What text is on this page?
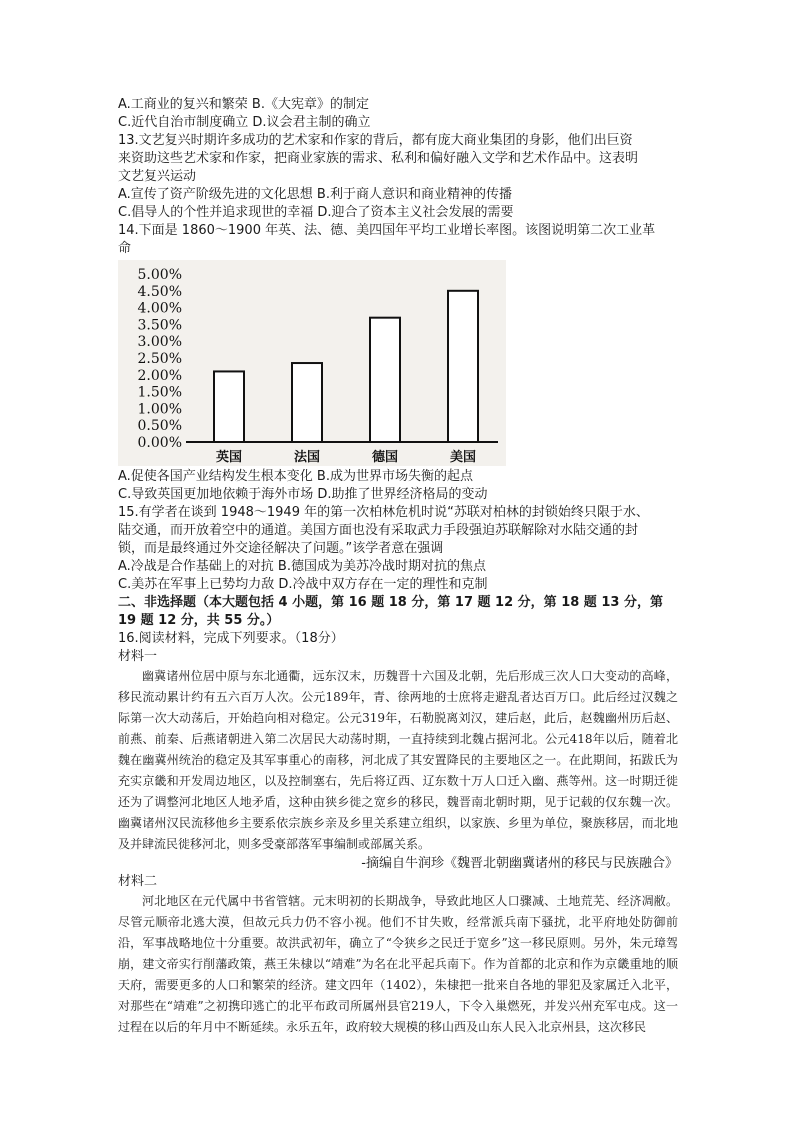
A.工商业的复兴和繁荣 B.《大宪章》的制定
C.近代自治市制度确立 D.议会君主制的确立
13.文艺复兴时期许多成功的艺术家和作家的背后，都有庞大商业集团的身影，他们出巨资
来资助这些艺术家和作家，把商业家族的需求、私利和偏好融入文学和艺术作品中。这表明
文艺复兴运动
A.宣传了资产阶级先进的文化思想 B.利于商人意识和商业精神的传播
C.倡导人的个性并追求现世的幸福 D.迎合了资本主义社会发展的需要
14.下面是 1860～1900 年英、法、德、美四国年平均工业增长率图。该图说明第二次工业革
命
0.00%
0.50%
1.00%
1.50%
2.00%
2.50%
3.00%
3.50%
4.00%
4.50%
5.00%
英国	法国	德国	美国
A.促使各国产业结构发生根本变化 B.成为世界市场失衡的起点
C.导致英国更加地依赖于海外市场 D.助推了世界经济格局的变动
15.有学者在谈到 1948～1949 年的第一次柏林危机时说“苏联对柏林的封锁始终只限于水、
陆交通，而开放着空中的通道。美国方面也没有采取武力手段强迫苏联解除对水陆交通的封
锁，而是最终通过外交途径解决了问题。”该学者意在强调
A.冷战是合作基础上的对抗 B.德国成为美苏冷战时期对抗的焦点
C.美苏在军事上已势均力敌 D.冷战中双方存在一定的理性和克制
二、非选择题（本大题包括 4 小题，第 16 题 18 分，第 17 题 12 分，第 18 题 13 分，第 19 题 12 分，共 55 分。）
16.阅读材料，完成下列要求。（18分）
材料一

幽冀诸州位居中原与东北通衢，远东汉末，历魏晋十六国及北朝，先后形成三次人口大变动的高峰，移民流动累计约有五六百万人次。公元189年，青、徐两地的士庶将走避乱者达百万口。此后经过汉魏之际第一次大动荡后，开始趋向相对稳定。公元319年，石勒脱离刘汉，建后赵，此后，赵魏幽州历后赵、前燕、前秦、后燕诸朝进入第二次居民大动荡时期，一直持续到北魏占据河北。公元418年以后，随着北魏在幽冀州统治的稳定及其军事重心的南移，河北成了其安置降民的主要地区之一。在此期间，拓跋氏为充实京畿和开发周边地区，以及控制塞右，先后将辽西、辽东数十万人口迁入幽、燕等州。这一时期迁徙还为了调整河北地区人地矛盾，这种由狭乡徙之宽乡的移民，魏晋南北朝时期，见于记载的仅东魏一次。幽冀诸州汉民流移他乡主要系依宗族乡亲及乡里关系建立组织，以家族、乡里为单位，聚族移居，而北地及并肆流民徙移河北，则多受豪部落军事编制或部属关系。

-摘编自牛润珍《魏晋北朝幽冀诸州的移民与民族融合》
材料二

河北地区在元代属中书省管辖。元末明初的长期战争，导致此地区人口骤减、土地荒芜、经济凋敝。尽管元顺帝北逃大漠，但故元兵力仍不容小视。他们不甘失败，经常派兵南下骚扰，北平府地处防御前沿，军事战略地位十分重要。故洪武初年，确立了“令狭乡之民迁于宽乡”这一移民原则。另外，朱元璋驾崩，建文帝实行削藩政策，燕王朱棣以“靖难”为名在北平起兵南下。作为首都的北京和作为京畿重地的顺天府，需要更多的人口和繁荣的经济。建文四年（1402），朱棣把一批来自各地的罪犯及家属迁入北平，对那些在“靖难”之初携印逃亡的北平布政司所属州县官219人，下令入巢燃死，并发兴州充军屯戍。这一过程在以后的年月中不断延续。永乐五年，政府较大规模的移山西及山东人民入北京州县，这次移民
